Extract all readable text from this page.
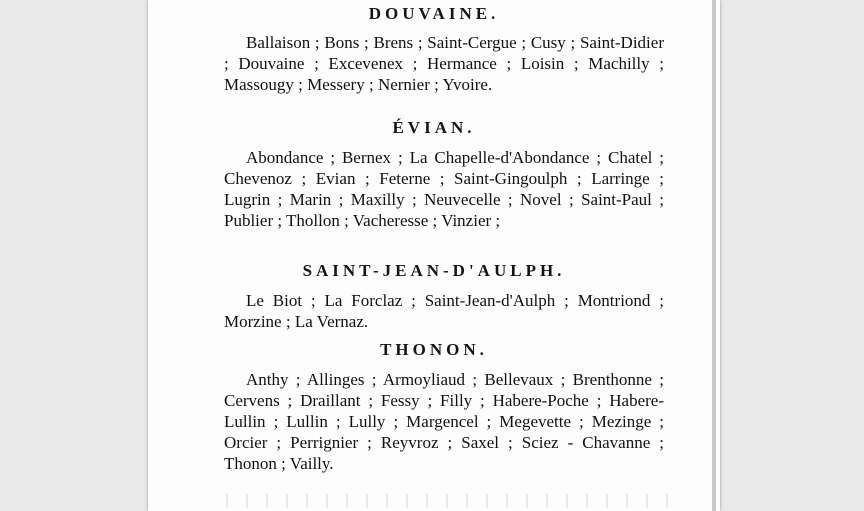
DOUVAINE.
Ballaison ; Bons ; Brens ; Saint-Cergue ; Cusy ; Saint-Didier ; Douvaine ; Excevenex ; Hermance ; Loisin ; Machilly ; Massougy ; Messery ; Nernier ; Yvoire.
ÉVIAN.
Abondance ; Bernex ; La Chapelle-d'Abondance ; Chatel ; Chevenoz ; Evian ; Feterne ; Saint-Gingoulph ; Larringe ; Lugrin ; Marin ; Maxilly ; Neuvecelle ; Novel ; Saint-Paul ; Publier ; Thollon ; Vacheresse ; Vinzier ;
SAINT-JEAN-D'AULPH.
Le Biot ; La Forclaz ; Saint-Jean-d'Aulph ; Montriond ; Morzine ; La Vernaz.
THONON.
Anthy ; Allinges ; Armoyliaud ; Bellevaux ; Brenthonne ; Cervens ; Draillant ; Fessy ; Filly ; Habere-Poche ; Habere-Lullin ; Lullin ; Lully ; Margencel ; Megevette ; Mezinge ; Orcier ; Perrignier ; Reyvroz ; Saxel ; Sciez - Chavanne ; Thonon ; Vailly.
